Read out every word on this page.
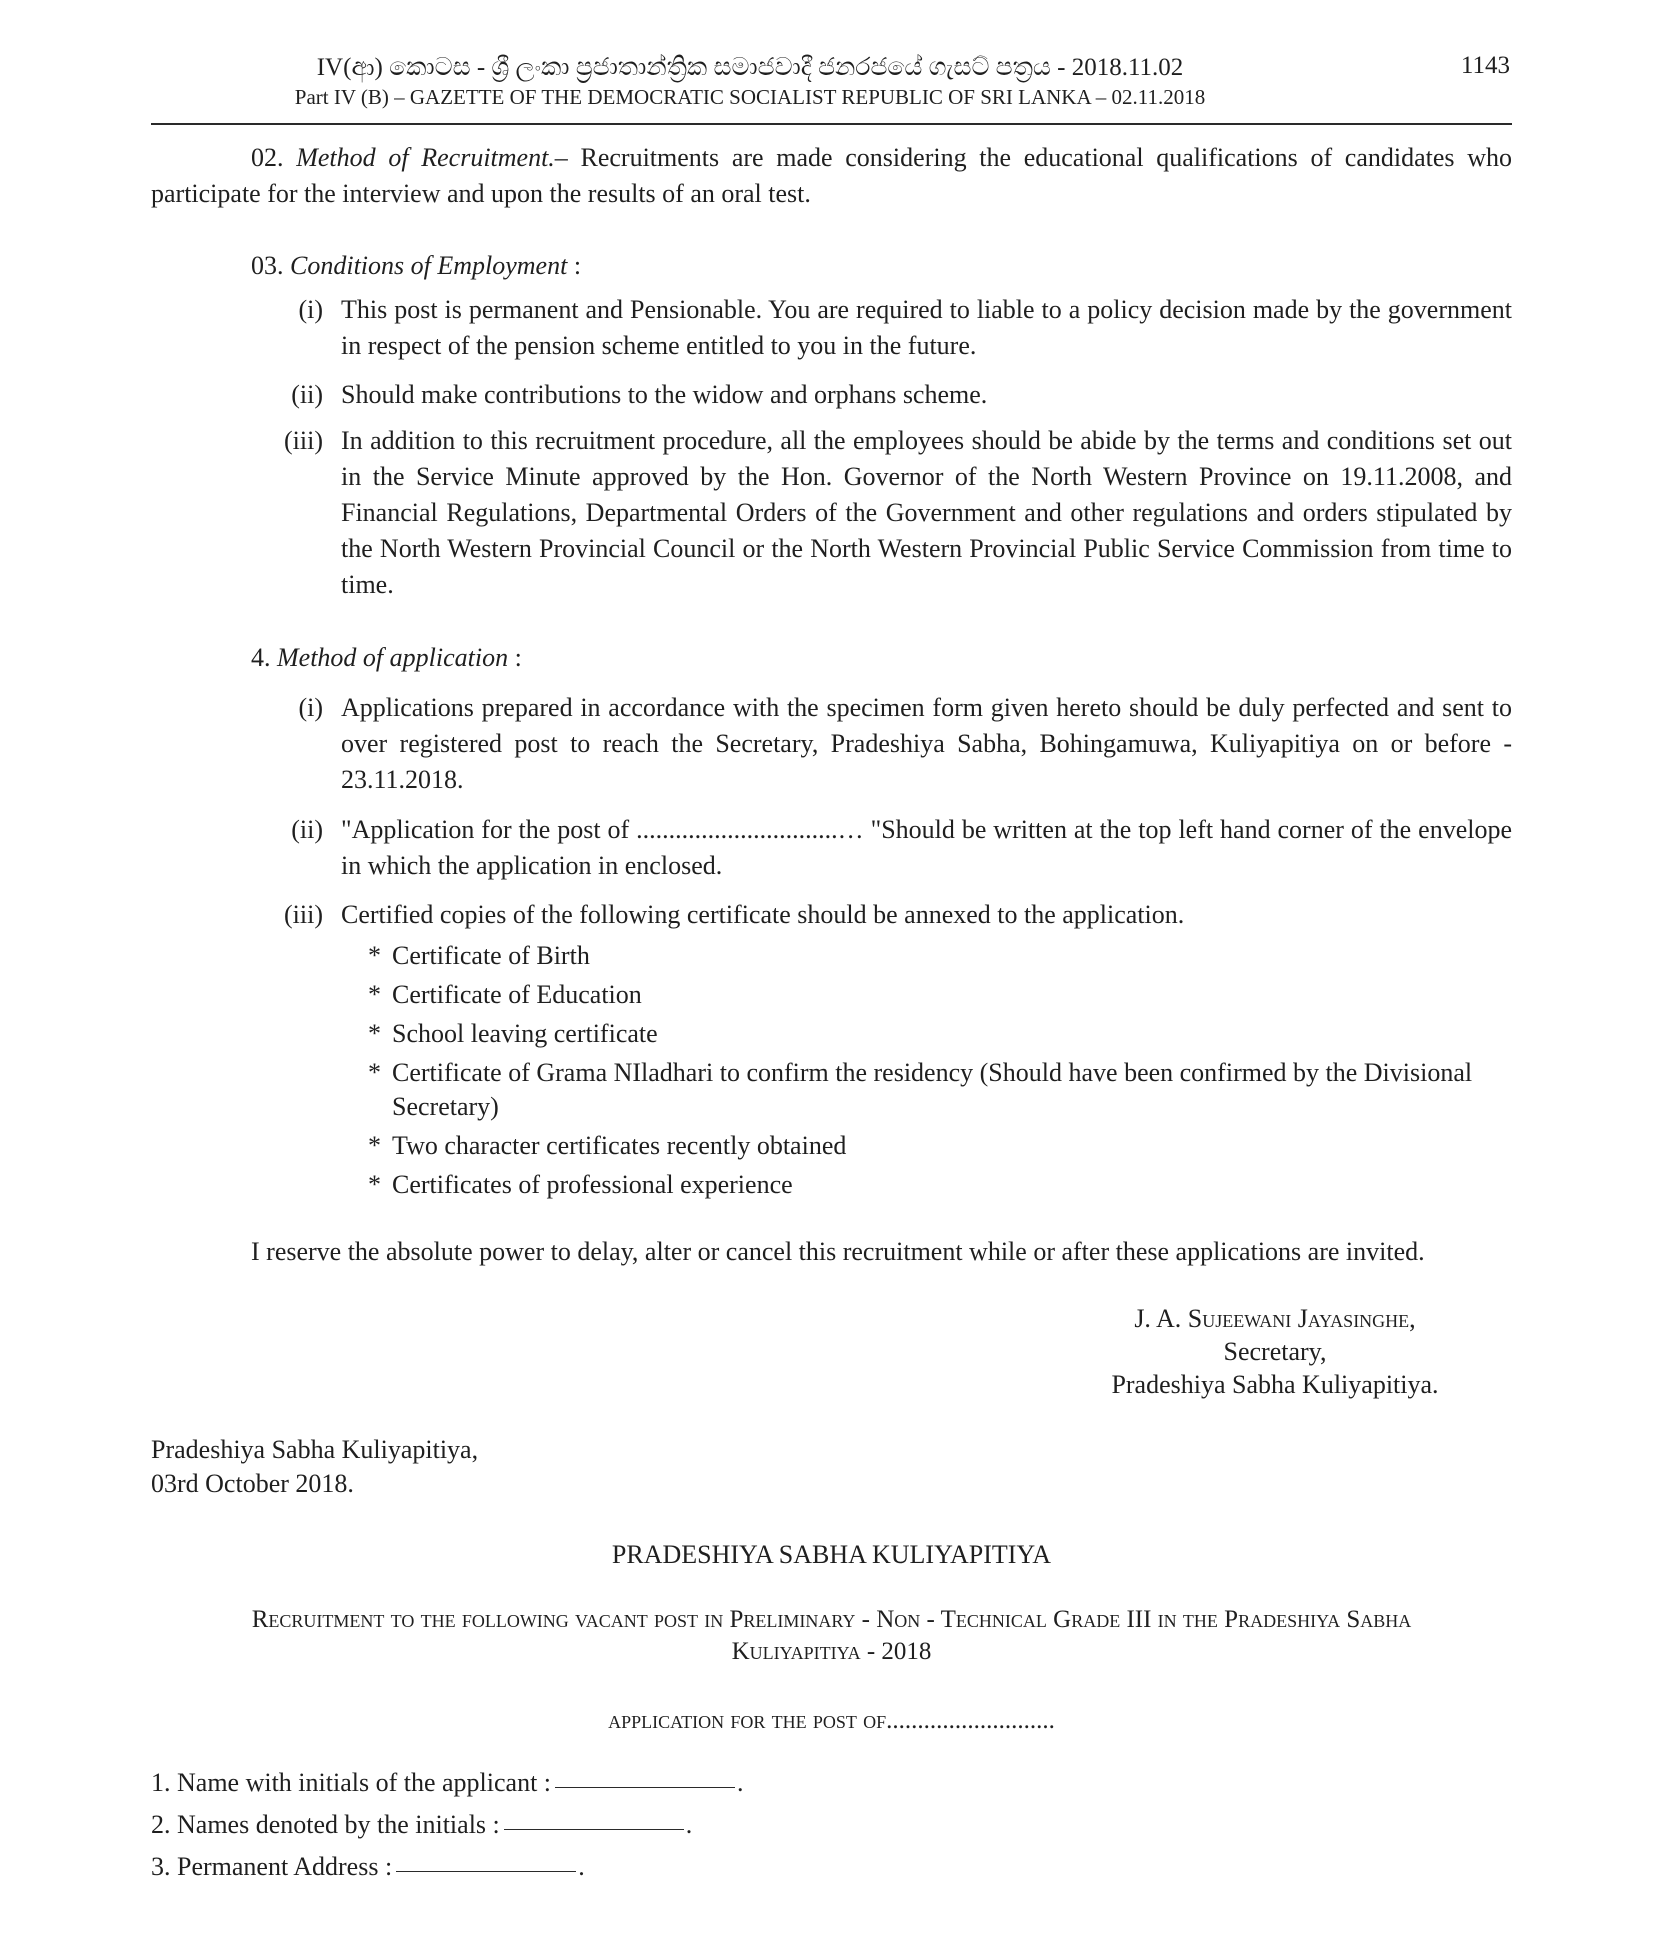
IV(ආ) කොටස - ශ්‍රී ලංකා ප්‍රජාතාන්ත්‍රික සමාජවාදී ජනරජයේ ගැසට් පත්‍රය - 2018.11.02
Part IV (B) – GAZETTE OF THE DEMOCRATIC SOCIALIST REPUBLIC OF SRI LANKA – 02.11.2018
1143

02. Method of Recruitment.– Recruitments are made considering the educational qualifications of candidates who participate for the interview and upon the results of an oral test.

03. Conditions of Employment :

(i) This post is permanent and Pensionable. You are required to liable to a policy decision made by the government in respect of the pension scheme entitled to you in the future.
(ii) Should make contributions to the widow and orphans scheme.
(iii) In addition to this recruitment procedure, all the employees should be abide by the terms and conditions set out in the Service Minute approved by the Hon. Governor of the North Western Province on 19.11.2008, and Financial Regulations, Departmental Orders of the Government and other regulations and orders stipulated by the North Western Provincial Council or the North Western Provincial Public Service Commission from time to time.

4. Method of application :

(i) Applications prepared in accordance with the specimen form given hereto should be duly perfected and sent to over registered post to reach the Secretary, Pradeshiya Sabha, Bohingamuwa, Kuliyapitiya on or before - 23.11.2018.
(ii) "Application for the post of ...............................… "Should be written at the top left hand corner of the envelope in which the application in enclosed.
(iii) Certified copies of the following certificate should be annexed to the application.
* Certificate of Birth
* Certificate of Education
* School leaving certificate
* Certificate of Grama NIladhari to confirm the residency (Should have been confirmed by the Divisional Secretary)
* Two character certificates recently obtained
* Certificates of professional experience

I reserve the absolute power to delay, alter or cancel this recruitment while or after these applications are invited.

J. A. Sujeewani Jayasinghe,
Secretary,
Pradeshiya Sabha Kuliyapitiya.
Pradeshiya Sabha Kuliyapitiya,
03rd October 2018.
PRADESHIYA SABHA KULIYAPITIYA
Recruitment to the following vacant post in Preliminary - Non - Technical Grade III in the Pradeshiya Sabha
Kuliyapitiya - 2018
application for the post of...........................
1. Name with initials of the applicant :	.
2. Names denoted by the initials :	.
3. Permanent Address :	.
